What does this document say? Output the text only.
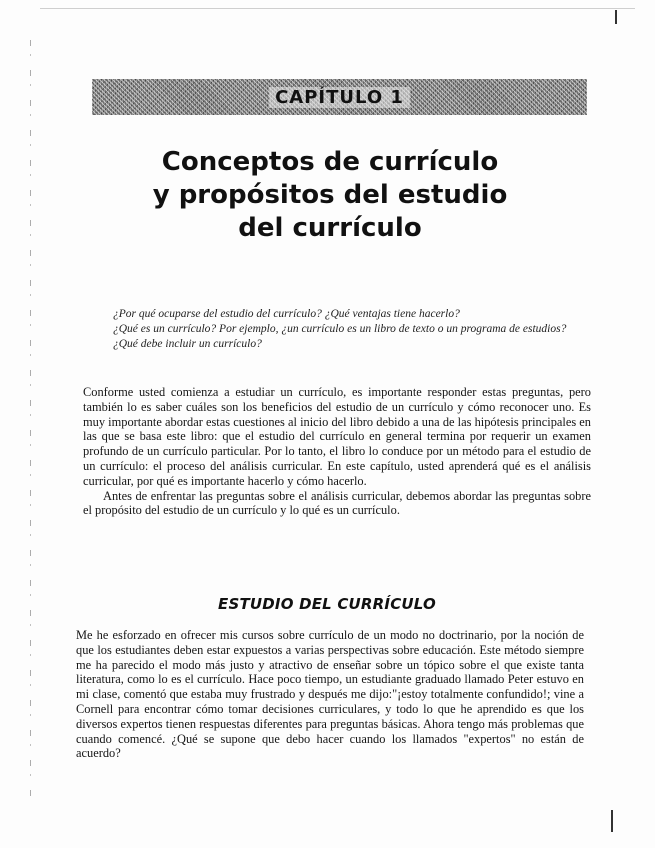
CAPÍTULO 1
Conceptos de currículo
y propósitos del estudio
del currículo

¿Por qué ocuparse del estudio del currículo? ¿Qué ventajas tiene hacerlo?

¿Qué es un currículo? Por ejemplo, ¿un currículo es un libro de texto o un programa de estudios?

¿Qué debe incluir un currículo?

Conforme usted comienza a estudiar un currículo, es importante responder estas preguntas, pero también lo es saber cuáles son los beneficios del estudio de un currículo y cómo reconocer uno. Es muy importante abordar estas cuestiones al inicio del libro debido a una de las hipótesis principales en las que se basa este libro: que el estudio del currículo en general termina por requerir un examen profundo de un currículo particular. Por lo tanto, el libro lo conduce por un método para el estudio de un currículo: el proceso del análisis curricular. En este capítulo, usted aprenderá qué es el análisis curricular, por qué es importante hacerlo y cómo hacerlo.

Antes de enfrentar las preguntas sobre el análisis curricular, debemos abordar las preguntas sobre el propósito del estudio de un currículo y lo qué es un currículo.

ESTUDIO DEL CURRÍCULO

Me he esforzado en ofrecer mis cursos sobre currículo de un modo no doctrinario, por la noción de que los estudiantes deben estar expuestos a varias perspectivas sobre educación. Este método siempre me ha parecido el modo más justo y atractivo de enseñar sobre un tópico sobre el que existe tanta literatura, como lo es el currículo. Hace poco tiempo, un estudiante graduado llamado Peter estuvo en mi clase, comentó que estaba muy frustrado y después me dijo:"¡estoy totalmente confundido!; vine a Cornell para encontrar cómo tomar decisiones curriculares, y todo lo que he aprendido es que los diversos expertos tienen respuestas diferentes para preguntas básicas. Ahora tengo más problemas que cuando comencé. ¿Qué se supone que debo hacer cuando los llamados "expertos" no están de acuerdo?
